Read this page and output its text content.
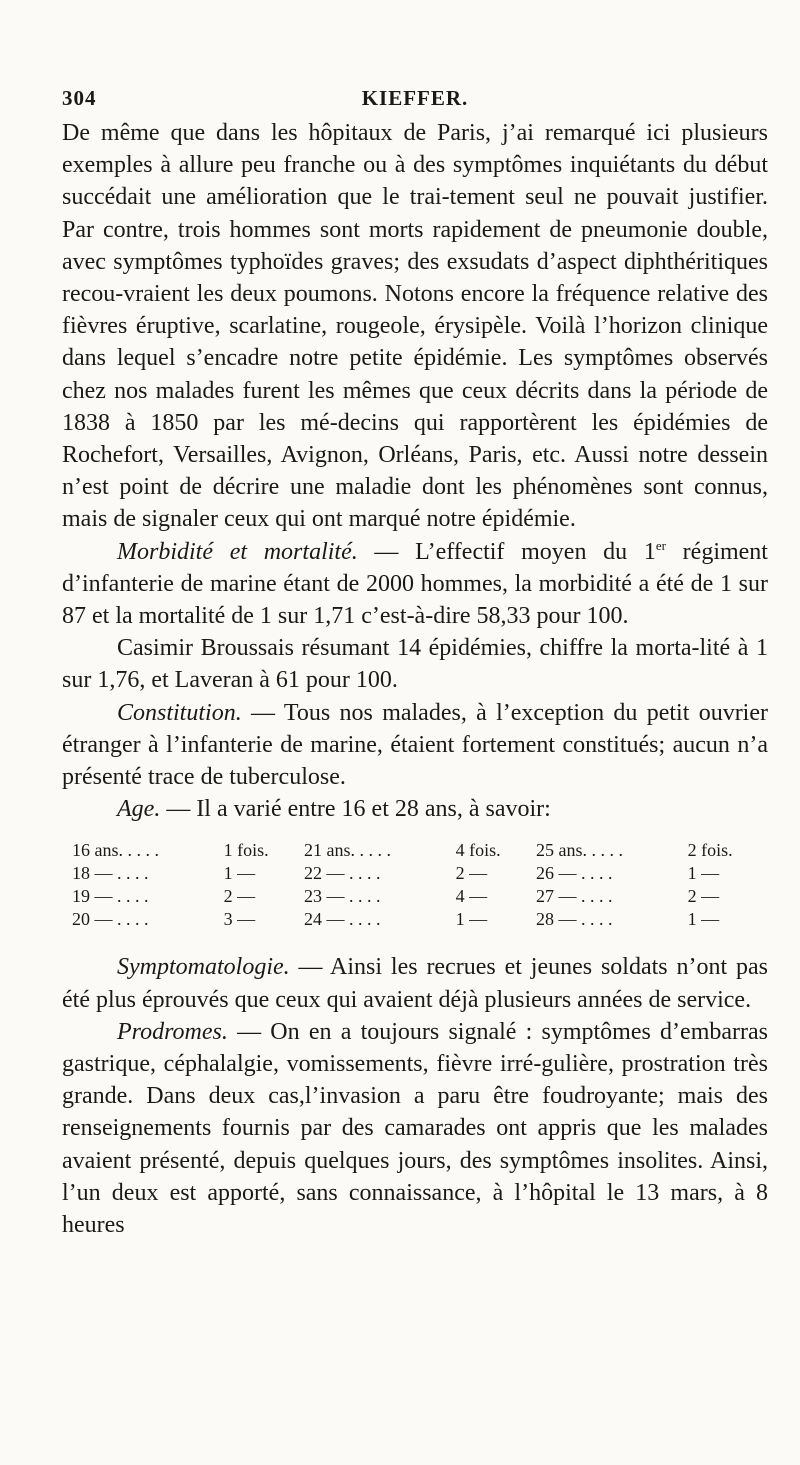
304	KIEFFER.

De même que dans les hôpitaux de Paris, j’ai remarqué ici plusieurs exemples à allure peu franche ou à des symptômes inquiétants du début succédait une amélioration que le trai-tement seul ne pouvait justifier. Par contre, trois hommes sont morts rapidement de pneumonie double, avec symptômes typhoïdes graves; des exsudats d’aspect diphthéritiques recou-vraient les deux poumons. Notons encore la fréquence relative des fièvres éruptive, scarlatine, rougeole, érysipèle. Voilà l’horizon clinique dans lequel s’encadre notre petite épidémie. Les symptômes observés chez nos malades furent les mêmes que ceux décrits dans la période de 1838 à 1850 par les mé-decins qui rapportèrent les épidémies de Rochefort, Versailles, Avignon, Orléans, Paris, etc. Aussi notre dessein n’est point de décrire une maladie dont les phénomènes sont connus, mais de signaler ceux qui ont marqué notre épidémie.

Morbidité et mortalité. — L’effectif moyen du 1er régiment d’infanterie de marine étant de 2000 hommes, la morbidité a été de 1 sur 87 et la mortalité de 1 sur 1,71 c’est-à-dire 58,33 pour 100.

Casimir Broussais résumant 14 épidémies, chiffre la morta-lité à 1 sur 1,76, et Laveran à 61 pour 100.

Constitution. — Tous nos malades, à l’exception du petit ouvrier étranger à l’infanterie de marine, étaient fortement constitués; aucun n’a présenté trace de tuberculose.

Age. — Il a varié entre 16 et 28 ans, à savoir:

16 ans. . . . .	1 fois.	21 ans. . . . .	4 fois.	25 ans. . . . .	2 fois.
18 — . . . .	1 —	22 — . . . .	2 —	26 — . . . .	1 —
19 — . . . .	2 —	23 — . . . .	4 —	27 — . . . .	2 —
20 — . . . .	3 —	24 — . . . .	1 —	28 — . . . .	1 —

Symptomatologie. — Ainsi les recrues et jeunes soldats n’ont pas été plus éprouvés que ceux qui avaient déjà plusieurs années de service.

Prodromes. — On en a toujours signalé : symptômes d’embarras gastrique, céphalalgie, vomissements, fièvre irré-gulière, prostration très grande. Dans deux cas,l’invasion a paru être foudroyante; mais des renseignements fournis par des camarades ont appris que les malades avaient présenté, depuis quelques jours, des symptômes insolites. Ainsi, l’un deux est apporté, sans connaissance, à l’hôpital le 13 mars, à 8 heures
